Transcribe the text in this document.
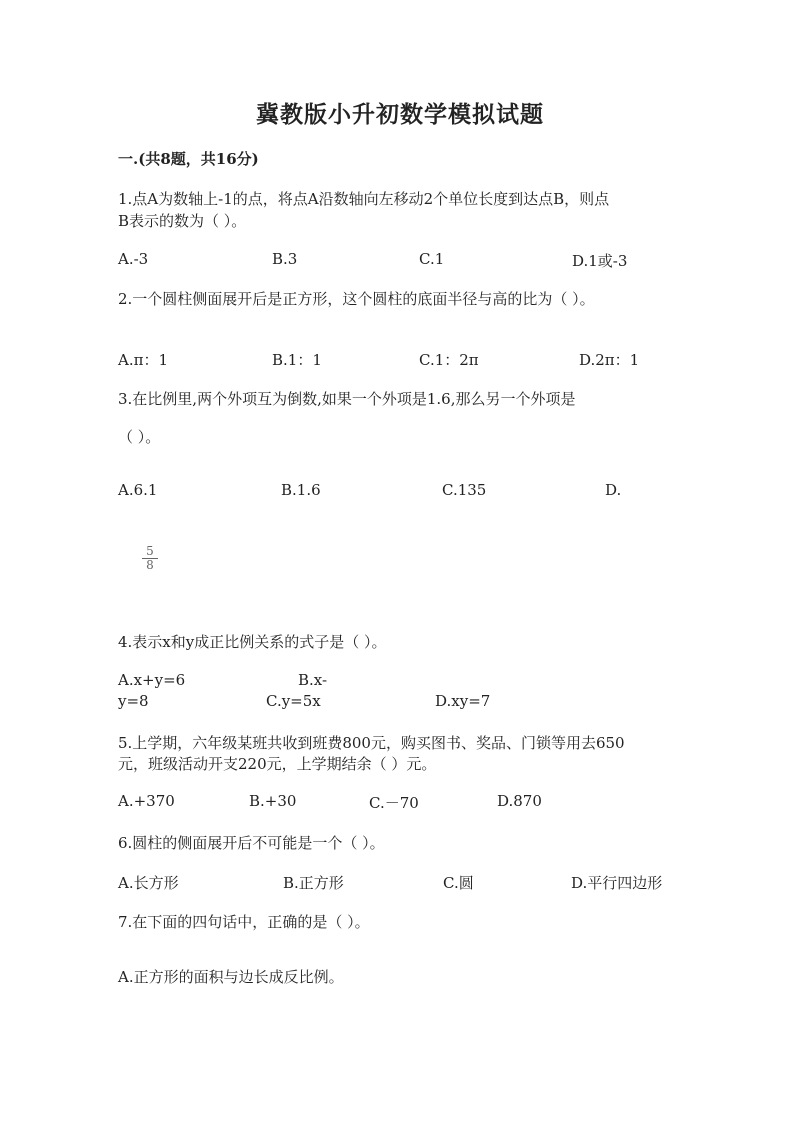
冀教版小升初数学模拟试题
一.(共8题，共16分)
1.点A为数轴上-1的点，将点A沿数轴向左移动2个单位长度到达点B，则点
B表示的数为（ ）。
A.-3	B.3	C.1	D.1或-3
2.一个圆柱侧面展开后是正方形，这个圆柱的底面半径与高的比为（ ）。
A.π：1	B.1：1	C.1：2π	D.2π：1
3.在比例里,两个外项互为倒数,如果一个外项是1.6,那么另一个外项是
（ ）。
A.6.1	B.1.6	C.135	D.
$\frac{5}{8}$
4.表示x和y成正比例关系的式子是（ ）。
A.x+y=6	B.x-
y=8	C.y=5x	D.xy=7
5.上学期，六年级某班共收到班费800元，购买图书、奖品、门锁等用去650
元，班级活动开支220元，上学期结余（ ）元。
A.+370	B.+30	C.－70	D.870
6.圆柱的侧面展开后不可能是一个（ ）。
A.长方形	B.正方形	C.圆	D.平行四边形
7.在下面的四句话中，正确的是（ ）。
A.正方形的面积与边长成反比例。
